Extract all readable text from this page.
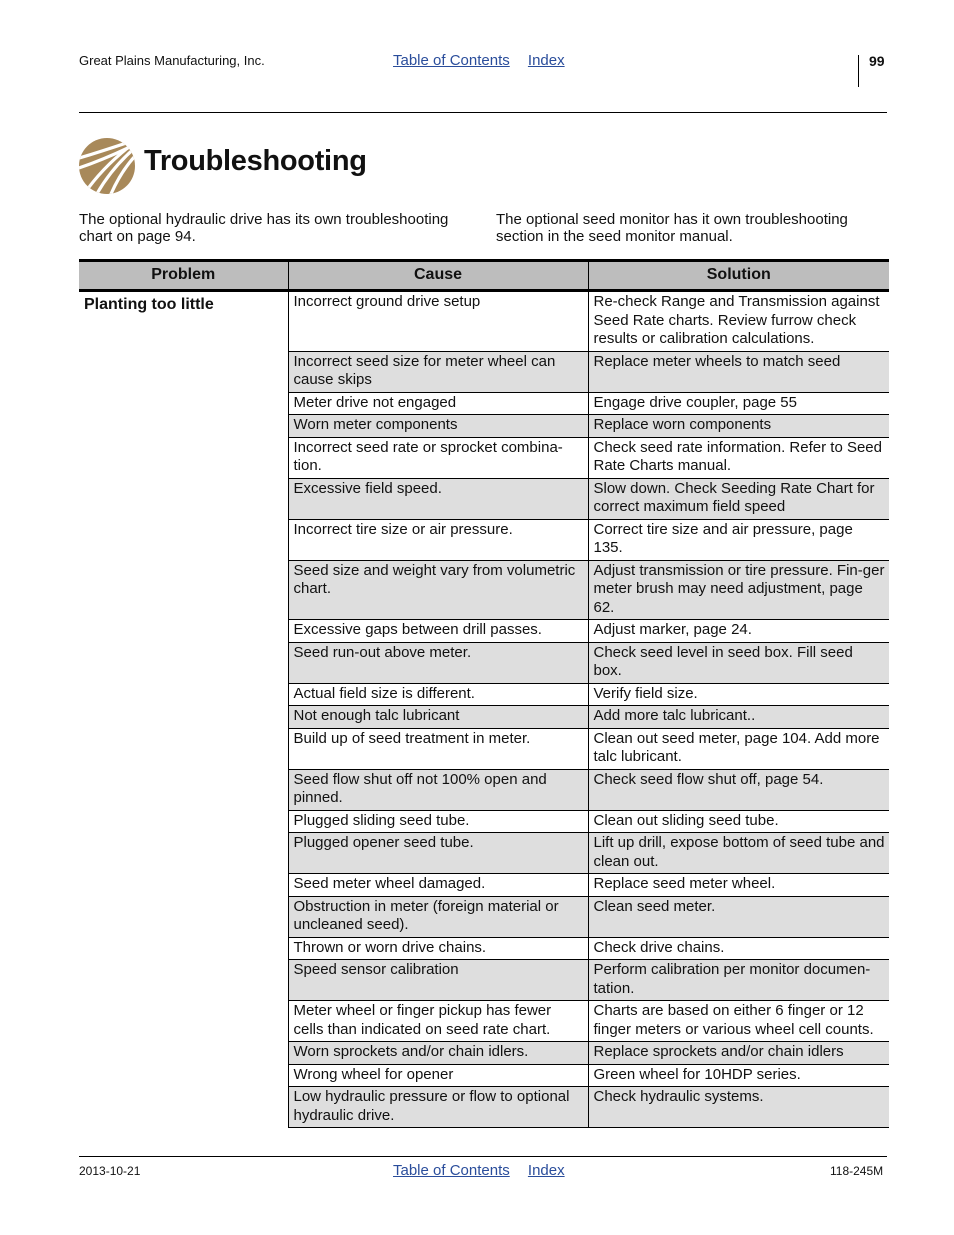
Great Plains Manufacturing, Inc.	Table of Contents Index	99
Troubleshooting
The optional hydraulic drive has its own troubleshooting chart on page 94.
The optional seed monitor has it own troubleshooting section in the seed monitor manual.
Problem	Cause	Solution
Planting too little	Incorrect ground drive setup	Re-check Range and Transmission against Seed Rate charts. Review furrow check results or calibration calculations.
	Incorrect seed size for meter wheel can cause skips	Replace meter wheels to match seed
	Meter drive not engaged	Engage drive coupler, page 55
	Worn meter components	Replace worn components
	Incorrect seed rate or sprocket combina-tion.	Check seed rate information. Refer to Seed Rate Charts manual.
	Excessive field speed.	Slow down. Check Seeding Rate Chart for correct maximum field speed
	Incorrect tire size or air pressure.	Correct tire size and air pressure, page 135.
	Seed size and weight vary from volumetric chart.	Adjust transmission or tire pressure. Fin-ger meter brush may need adjustment, page 62.
	Excessive gaps between drill passes.	Adjust marker, page 24.
	Seed run-out above meter.	Check seed level in seed box. Fill seed box.
	Actual field size is different.	Verify field size.
	Not enough talc lubricant	Add more talc lubricant..
	Build up of seed treatment in meter.	Clean out seed meter, page 104. Add more talc lubricant.
	Seed flow shut off not 100% open and pinned.	Check seed flow shut off, page 54.
	Plugged sliding seed tube.	Clean out sliding seed tube.
	Plugged opener seed tube.	Lift up drill, expose bottom of seed tube and clean out.
	Seed meter wheel damaged.	Replace seed meter wheel.
	Obstruction in meter (foreign material or uncleaned seed).	Clean seed meter.
	Thrown or worn drive chains.	Check drive chains.
	Speed sensor calibration	Perform calibration per monitor documen-tation.
	Meter wheel or finger pickup has fewer cells than indicated on seed rate chart.	Charts are based on either 6 finger or 12 finger meters or various wheel cell counts.
	Worn sprockets and/or chain idlers.	Replace sprockets and/or chain idlers
	Wrong wheel for opener	Green wheel for 10HDP series.
	Low hydraulic pressure or flow to optional hydraulic drive.	Check hydraulic systems.
2013-10-21	Table of Contents Index	118-245M
